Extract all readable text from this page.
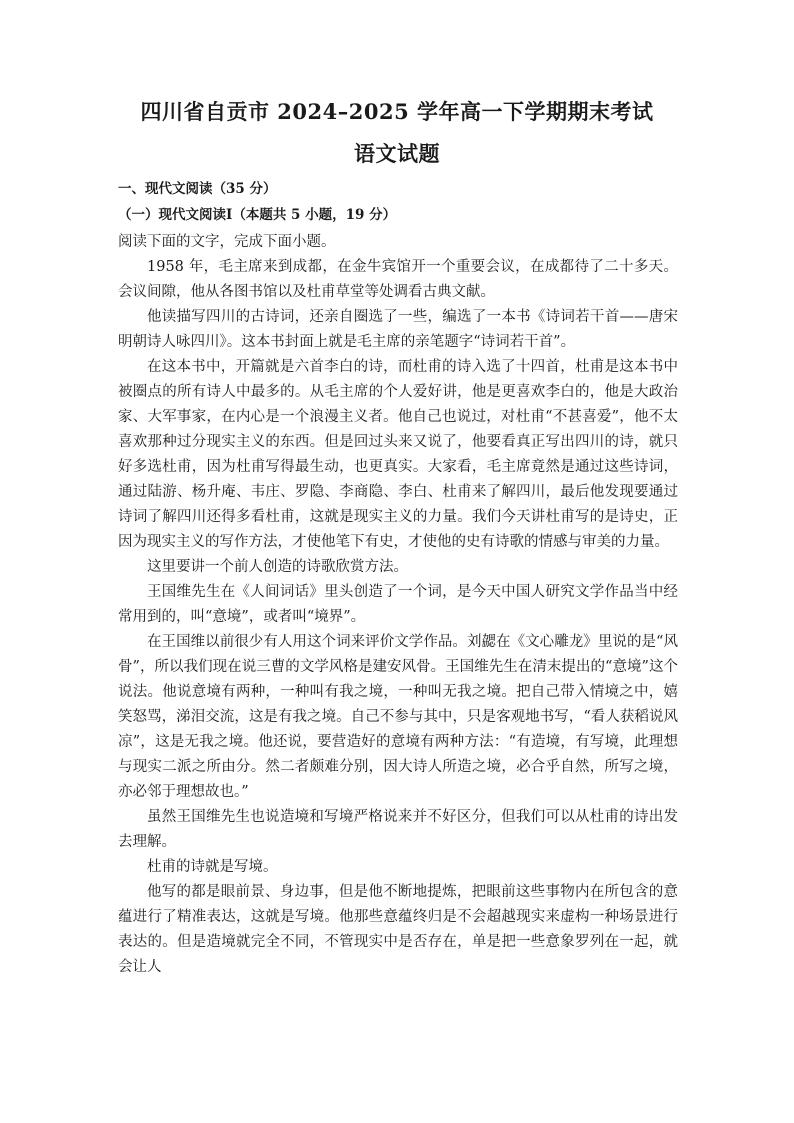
四川省自贡市 2024–2025 学年高一下学期期末考试
语文试题
一、现代文阅读（35 分）
（一）现代文阅读Ⅰ（本题共 5 小题，19 分）

阅读下面的文字，完成下面小题。

1958 年，毛主席来到成都，在金牛宾馆开一个重要会议，在成都待了二十多天。会议间隙，他从各图书馆以及杜甫草堂等处调看古典文献。

他读描写四川的古诗词，还亲自圈选了一些，编选了一本书《诗词若干首——唐宋明朝诗人咏四川》。这本书封面上就是毛主席的亲笔题字“诗词若干首”。

在这本书中，开篇就是六首李白的诗，而杜甫的诗入选了十四首，杜甫是这本书中被圈点的所有诗人中最多的。从毛主席的个人爱好讲，他是更喜欢李白的，他是大政治家、大军事家，在内心是一个浪漫主义者。他自己也说过，对杜甫“不甚喜爱”，他不太喜欢那种过分现实主义的东西。但是回过头来又说了，他要看真正写出四川的诗，就只好多选杜甫，因为杜甫写得最生动，也更真实。大家看，毛主席竟然是通过这些诗词，通过陆游、杨升庵、韦庄、罗隐、李商隐、李白、杜甫来了解四川，最后他发现要通过诗词了解四川还得多看杜甫，这就是现实主义的力量。我们今天讲杜甫写的是诗史，正因为现实主义的写作方法，才使他笔下有史，才使他的史有诗歌的情感与审美的力量。

这里要讲一个前人创造的诗歌欣赏方法。

王国维先生在《人间词话》里头创造了一个词，是今天中国人研究文学作品当中经常用到的，叫“意境”，或者叫“境界”。

在王国维以前很少有人用这个词来评价文学作品。刘勰在《文心雕龙》里说的是“风骨”，所以我们现在说三曹的文学风格是建安风骨。王国维先生在清末提出的“意境”这个说法。他说意境有两种，一种叫有我之境，一种叫无我之境。把自己带入情境之中，嬉笑怒骂，涕泪交流，这是有我之境。自己不参与其中，只是客观地书写，“看人获稻说风凉”，这是无我之境。他还说，要营造好的意境有两种方法：“有造境，有写境，此理想与现实二派之所由分。然二者颇难分别，因大诗人所造之境，必合乎自然，所写之境，亦必邻于理想故也。”

虽然王国维先生也说造境和写境严格说来并不好区分，但我们可以从杜甫的诗出发去理解。

杜甫的诗就是写境。

他写的都是眼前景、身边事，但是他不断地提炼，把眼前这些事物内在所包含的意蕴进行了精准表达，这就是写境。他那些意蕴终归是不会超越现实来虚构一种场景进行表达的。但是造境就完全不同，不管现实中是否存在，单是把一些意象罗列在一起，就会让人
